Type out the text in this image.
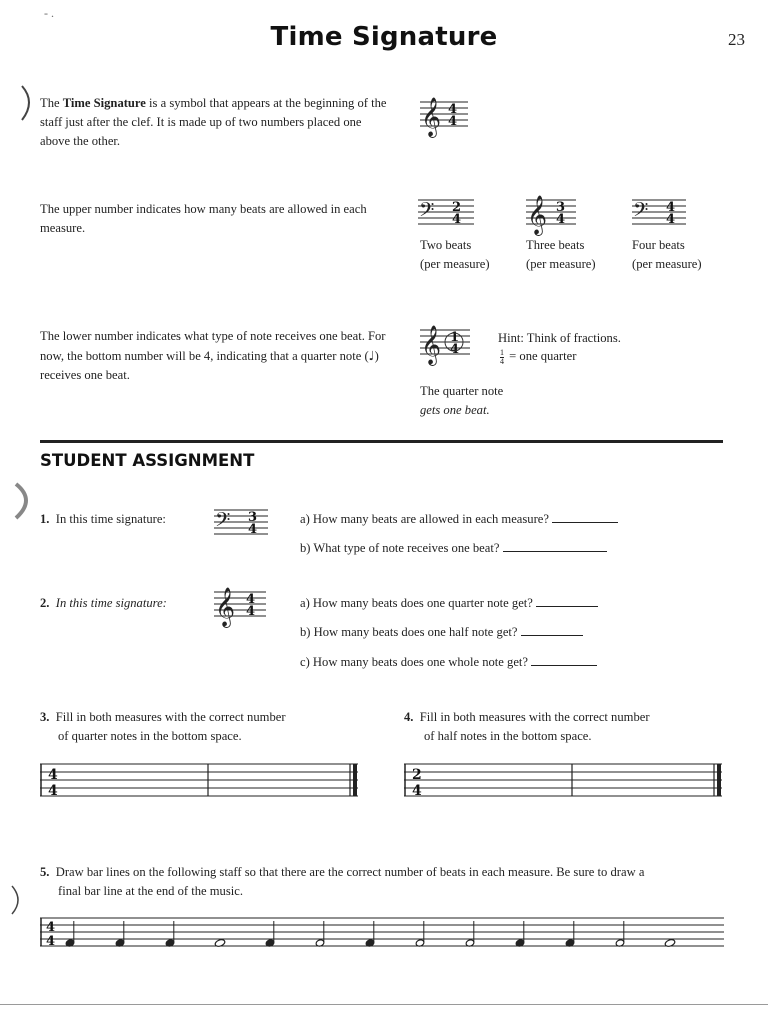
- .
Time Signature	23
The Time Signature is a symbol that appears at the beginning of the staff just after the clef. It is made up of two numbers placed one above the other.
𝄞 4
4
The upper number indicates how many beats are allowed in each measure.
𝄢 2
4 𝄞 3
4	𝄢 4
4
Two beats
(per measure)
Three beats
(per measure)
Four beats
(per measure)
The lower number indicates what type of note receives one beat. For now, the bottom number will be 4, indicating that a quarter note (♩) receives one beat.
𝄞 1
4
Hint: Think of fractions.
$\frac{1}{4}$ = one quarter
The quarter note
gets one beat.
STUDENT ASSIGNMENT
1. In this time signature: 𝄢 3
4
a) How many beats are allowed in each measure?
b) What type of note receives one beat?
2. In this time signature: 𝄞 4
4
a) How many beats does one quarter note get?
b) How many beats does one half note get?
c) How many beats does one whole note get?
3. Fill in both measures with the correct number
of quarter notes in the bottom space.
4
4
4. Fill in both measures with the correct number
of half notes in the bottom space.
2
4
5. Draw bar lines on the following staff so that there are the correct number of beats in each measure. Be sure to draw a
final bar line at the end of the music.
4
4
